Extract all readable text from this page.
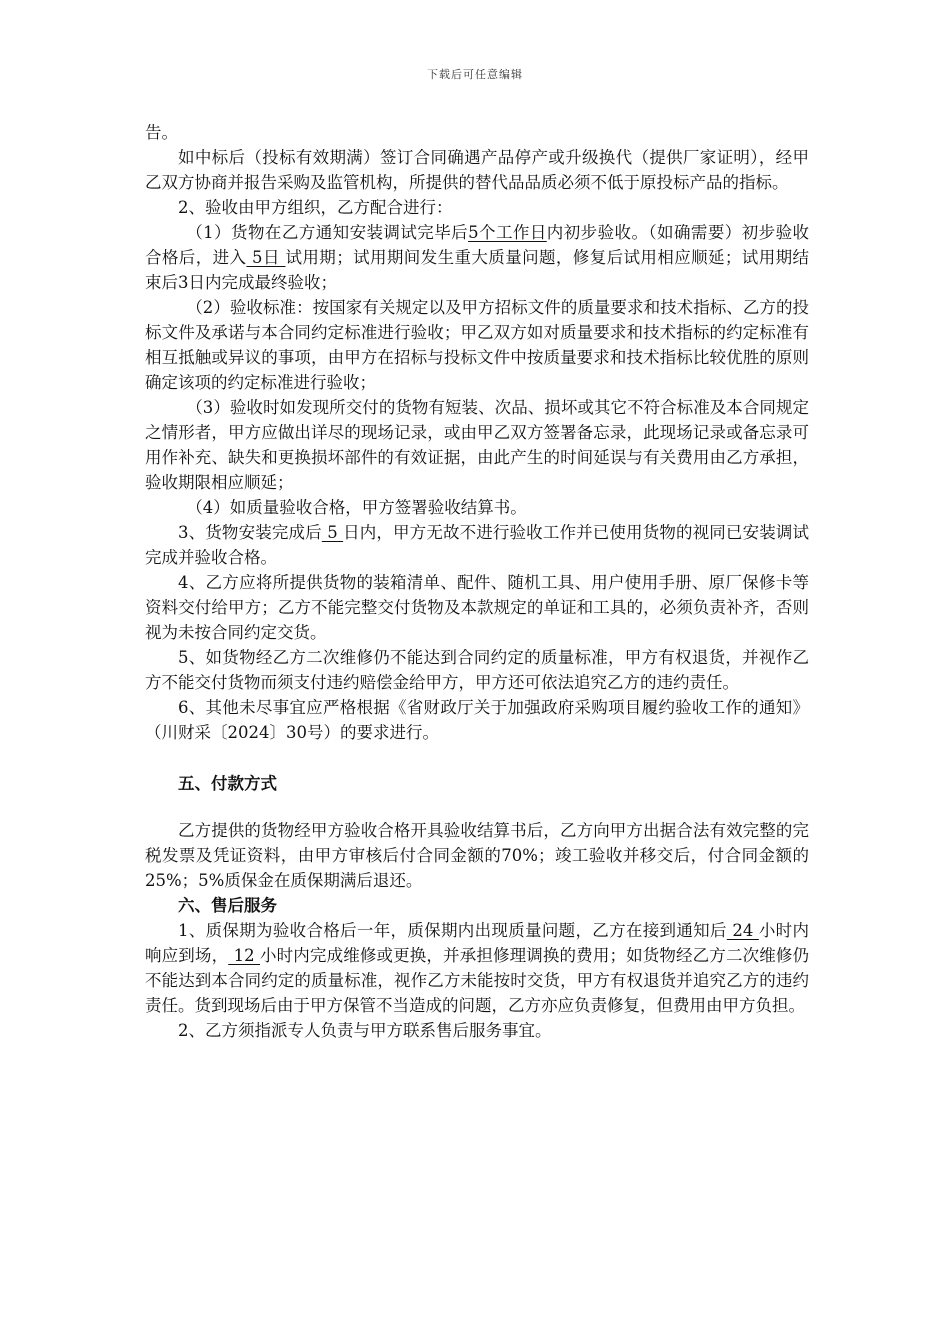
下载后可任意编辑

告。

如中标后（投标有效期满）签订合同确遇产品停产或升级换代（提供厂家证明），经甲乙双方协商并报告采购及监管机构，所提供的替代品品质必须不低于原投标产品的指标。

2、验收由甲方组织，乙方配合进行：

（1）货物在乙方通知安装调试完毕后5个工作日内初步验收。（如确需要）初步验收合格后，进入 5日 试用期；试用期间发生重大质量问题，修复后试用相应顺延；试用期结束后3日内完成最终验收；

（2）验收标准：按国家有关规定以及甲方招标文件的质量要求和技术指标、乙方的投标文件及承诺与本合同约定标准进行验收；甲乙双方如对质量要求和技术指标的约定标准有相互抵触或异议的事项，由甲方在招标与投标文件中按质量要求和技术指标比较优胜的原则确定该项的约定标准进行验收；

（3）验收时如发现所交付的货物有短装、次品、损坏或其它不符合标准及本合同规定之情形者，甲方应做出详尽的现场记录，或由甲乙双方签署备忘录，此现场记录或备忘录可用作补充、缺失和更换损坏部件的有效证据，由此产生的时间延误与有关费用由乙方承担，验收期限相应顺延；

（4）如质量验收合格，甲方签署验收结算书。

3、货物安装完成后 5 日内，甲方无故不进行验收工作并已使用货物的视同已安装调试完成并验收合格。

4、乙方应将所提供货物的装箱清单、配件、随机工具、用户使用手册、原厂保修卡等资料交付给甲方；乙方不能完整交付货物及本款规定的单证和工具的，必须负责补齐，否则视为未按合同约定交货。

5、如货物经乙方二次维修仍不能达到合同约定的质量标准，甲方有权退货，并视作乙方不能交付货物而须支付违约赔偿金给甲方，甲方还可依法追究乙方的违约责任。

6、其他未尽事宜应严格根据《省财政厅关于加强政府采购项目履约验收工作的通知》（川财采〔2024〕30号）的要求进行。

五、付款方式

乙方提供的货物经甲方验收合格开具验收结算书后，乙方向甲方出据合法有效完整的完税发票及凭证资料，由甲方审核后付合同金额的70%；竣工验收并移交后，付合同金额的25%；5%质保金在质保期满后退还。

六、售后服务

1、质保期为验收合格后一年，质保期内出现质量问题，乙方在接到通知后 24 小时内响应到场， 12 小时内完成维修或更换，并承担修理调换的费用；如货物经乙方二次维修仍不能达到本合同约定的质量标准，视作乙方未能按时交货，甲方有权退货并追究乙方的违约责任。货到现场后由于甲方保管不当造成的问题，乙方亦应负责修复，但费用由甲方负担。

2、乙方须指派专人负责与甲方联系售后服务事宜。
